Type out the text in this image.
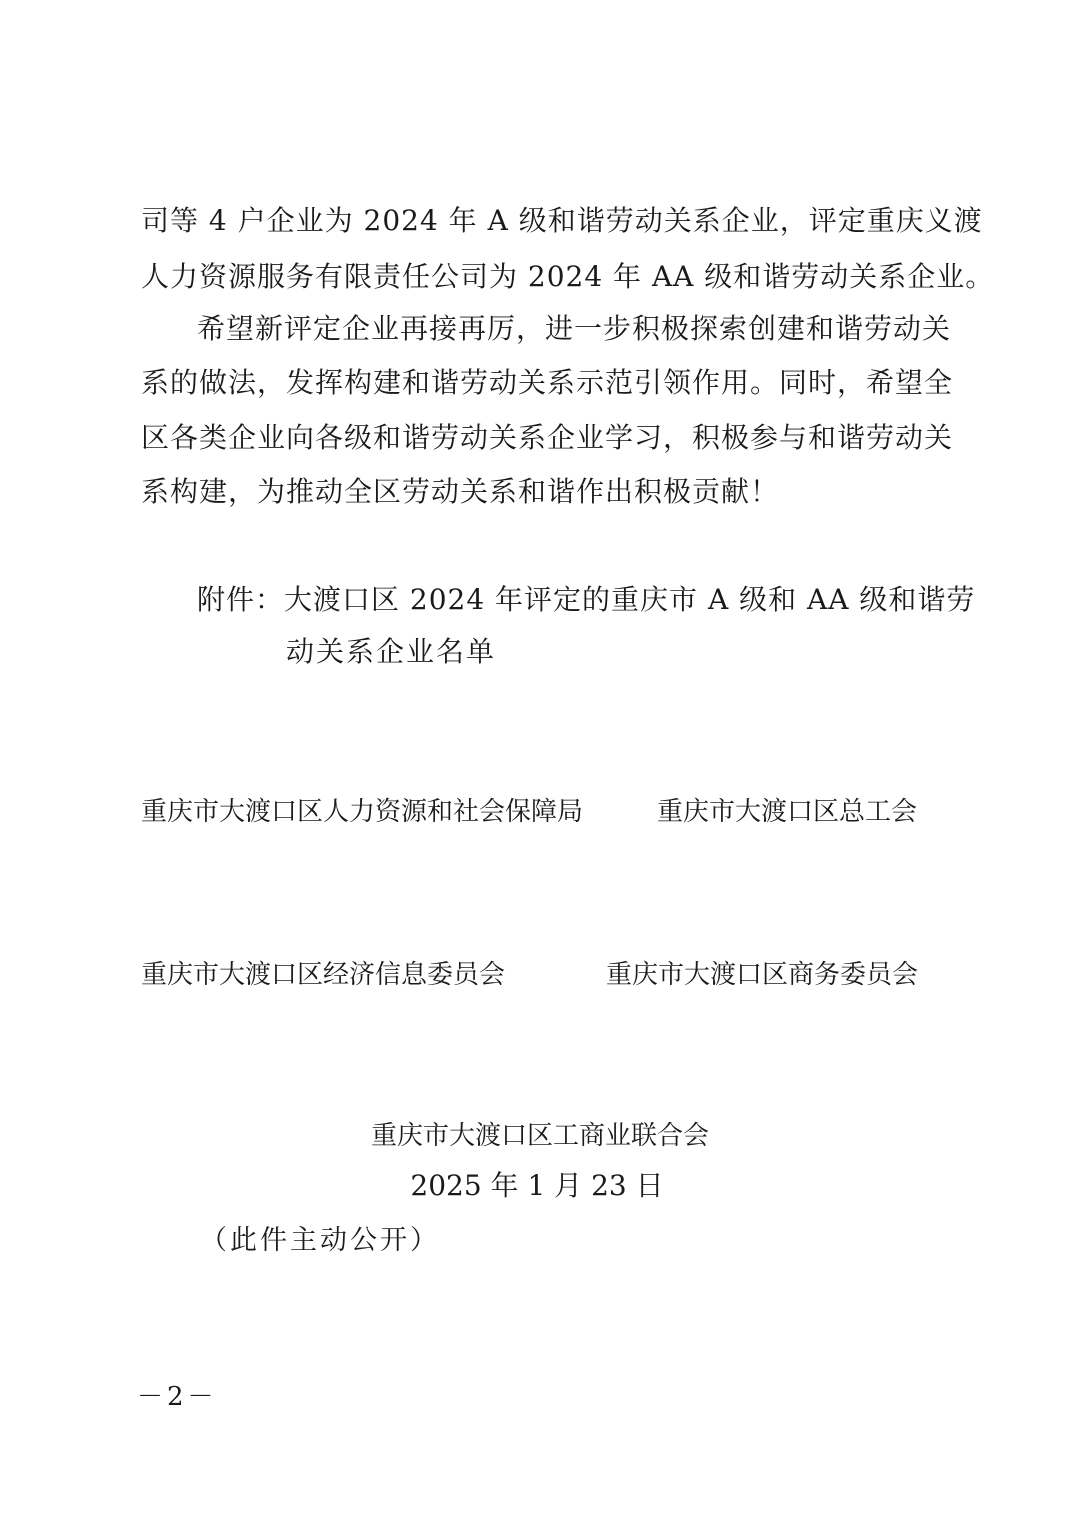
司等 4 户企业为 2024 年 A 级和谐劳动关系企业，评定重庆义渡
人力资源服务有限责任公司为 2024 年 AA 级和谐劳动关系企业。
希望新评定企业再接再厉，进一步积极探索创建和谐劳动关
系的做法，发挥构建和谐劳动关系示范引领作用。同时，希望全
区各类企业向各级和谐劳动关系企业学习，积极参与和谐劳动关
系构建，为推动全区劳动关系和谐作出积极贡献！
附件：大渡口区 2024 年评定的重庆市 A 级和 AA 级和谐劳
动关系企业名单
重庆市大渡口区人力资源和社会保障局	重庆市大渡口区总工会
重庆市大渡口区经济信息委员会	重庆市大渡口区商务委员会
重庆市大渡口区工商业联合会
2025 年 1 月 23 日
（此件主动公开）
－2－
